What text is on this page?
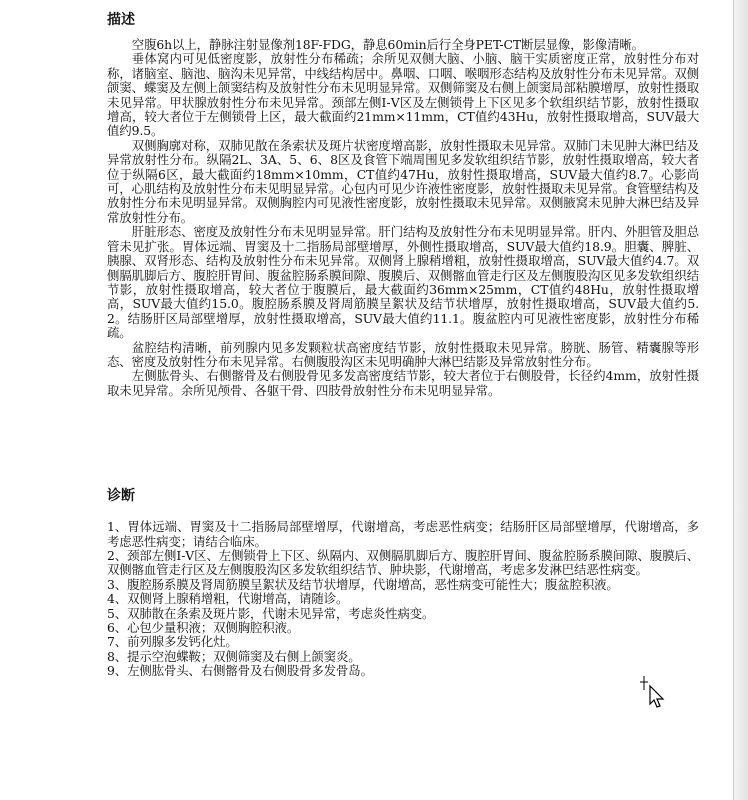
描述

空腹6h以上，静脉注射显像剂18F-FDG，静息60min后行全身PET-CT断层显像，影像清晰。

垂体窝内可见低密度影，放射性分布稀疏；余所见双侧大脑、小脑、脑干实质密度正常，放射性分布对称，诸脑室、脑池、脑沟未见异常，中线结构居中。鼻咽、口咽、喉咽形态结构及放射性分布未见异常。双侧颌窦、蝶窦及左侧上颌窦结构及放射性分布未见明显异常。双侧筛窦及右侧上颌窦局部粘膜增厚，放射性摄取未见异常。甲状腺放射性分布未见异常。颈部左侧Ⅰ-Ⅴ区及左侧锁骨上下区见多个软组织结节影，放射性摄取增高，较大者位于左侧锁骨上区，最大截面约21mm×11mm，CT值约43Hu，放射性摄取增高，SUV最大值约9.5。

双侧胸廓对称，双肺见散在条索状及斑片状密度增高影，放射性摄取未见异常。双肺门未见肿大淋巴结及异常放射性分布。纵隔2L、3A、5、6、8区及食管下端周围见多发软组织结节影，放射性摄取增高，较大者位于纵隔6区，最大截面约18mm×10mm，CT值约47Hu，放射性摄取增高，SUV最大值约8.7。心影尚可，心肌结构及放射性分布未见明显异常。心包内可见少许液性密度影，放射性摄取未见异常。食管壁结构及放射性分布未见明显异常。双侧胸腔内可见液性密度影，放射性摄取未见异常。双侧腋窝未见肿大淋巴结及异常放射性分布。

肝脏形态、密度及放射性分布未见明显异常。肝门结构及放射性分布未见明显异常。肝内、外胆管及胆总管未见扩张。胃体远端、胃窦及十二指肠局部壁增厚，外侧性摄取增高，SUV最大值约18.9。胆囊、脾脏、胰腺、双肾形态、结构及放射性分布未见异常。双侧肾上腺稍增粗，放射性摄取增高，SUV最大值约4.7。双侧膈肌脚后方、腹腔肝胃间、腹盆腔肠系膜间隙、腹膜后、双侧髂血管走行区及左侧腹股沟区见多发软组织结节影，放射性摄取增高，较大者位于腹膜后，最大截面约36mm×25mm，CT值约48Hu，放射性摄取增高，SUV最大值约15.0。腹腔肠系膜及肾周筋膜呈絮状及结节状增厚，放射性摄取增高，SUV最大值约5.2。结肠肝区局部壁增厚，放射性摄取增高，SUV最大值约11.1。腹盆腔内可见液性密度影，放射性分布稀疏。

盆腔结构清晰，前列腺内见多发颗粒状高密度结节影，放射性摄取未见异常。膀胱、肠管、精囊腺等形态、密度及放射性分布未见异常。右侧腹股沟区未见明确肿大淋巴结影及异常放射性分布。

左侧肱骨头、右侧髂骨及右侧股骨见多发高密度结节影，较大者位于右侧股骨，长径约4mm，放射性摄取未见异常。余所见颅骨、各躯干骨、四肢骨放射性分布未见明显异常。

诊断

1、胃体远端、胃窦及十二指肠局部壁增厚，代谢增高，考虑恶性病变；结肠肝区局部壁增厚，代谢增高，多考虑恶性病变；请结合临床。

2、颈部左侧Ⅰ-Ⅴ区、左侧锁骨上下区、纵隔内、双侧膈肌脚后方、腹腔肝胃间、腹盆腔肠系膜间隙、腹膜后、双侧髂血管走行区及左侧腹股沟区多发软组织结节、肿块影，代谢增高，考虑多发淋巴结恶性病变。

3、腹腔肠系膜及肾周筋膜呈絮状及结节状增厚，代谢增高，恶性病变可能性大；腹盆腔积液。

4、双侧肾上腺稍增粗，代谢增高，请随诊。

5、双肺散在条索及斑片影，代谢未见异常，考虑炎性病变。

6、心包少量积液；双侧胸腔积液。

7、前列腺多发钙化灶。

8、提示空泡蝶鞍；双侧筛窦及右侧上颌窦炎。

9、左侧肱骨头、右侧髂骨及右侧股骨多发骨岛。
